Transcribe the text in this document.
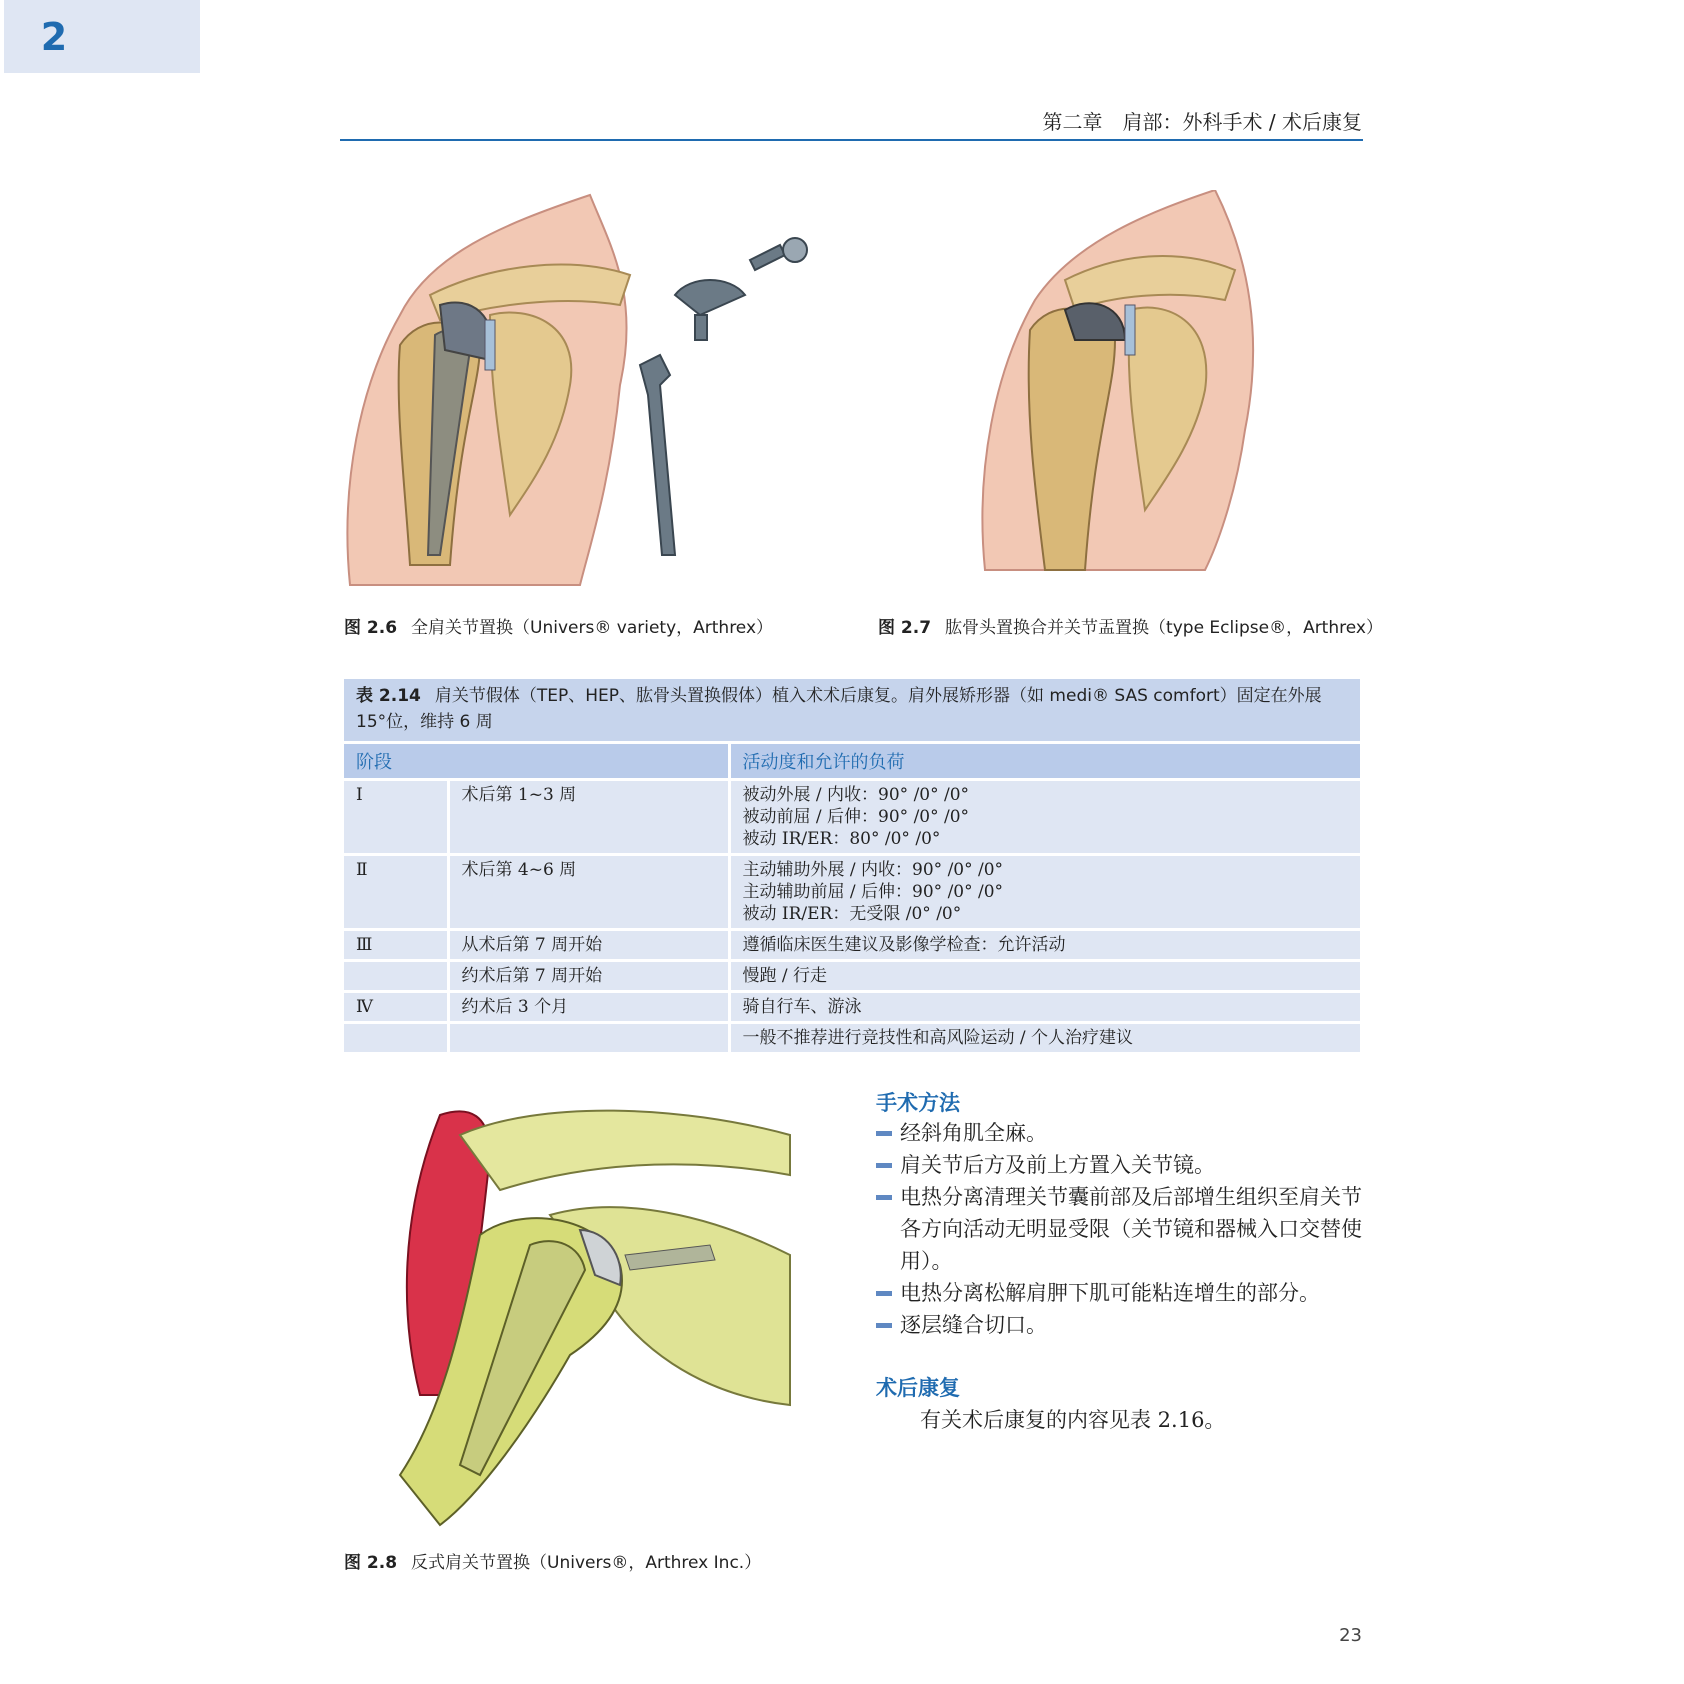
2
第二章　肩部：外科手术 / 术后康复
图 2.6 全肩关节置换（Univers® variety，Arthrex）	图 2.7 肱骨头置换合并关节盂置换（type Eclipse®，Arthrex）
表 2.14 肩关节假体（TEP、HEP、肱骨头置换假体）植入术术后康复。肩外展矫形器（如 medi® SAS comfort）固定在外展 15°位，维持 6 周
阶段		活动度和允许的负荷
Ⅰ	术后第 1~3 周	被动外展 / 内收：90° /0° /0°
被动前屈 / 后伸：90° /0° /0°
被动 IR/ER：80° /0° /0°

Ⅱ	术后第 4~6 周	主动辅助外展 / 内收：90° /0° /0°
主动辅助前屈 / 后伸：90° /0° /0°
被动 IR/ER：无受限 /0° /0°

Ⅲ	从术后第 7 周开始	遵循临床医生建议及影像学检查：允许活动

	约术后第 7 周开始	慢跑 / 行走

Ⅳ	约术后 3 个月	骑自行车、游泳

		一般不推荐进行竞技性和高风险运动 / 个人治疗建议
图 2.8 反式肩关节置换（Univers®，Arthrex Inc.）
手术方法
经斜角肌全麻。
肩关节后方及前上方置入关节镜。
电热分离清理关节囊前部及后部增生组织至肩关节各方向活动无明显受限（关节镜和器械入口交替使用）。
电热分离松解肩胛下肌可能粘连增生的部分。
逐层缝合切口。
术后康复
有关术后康复的内容见表 2.16。
23
